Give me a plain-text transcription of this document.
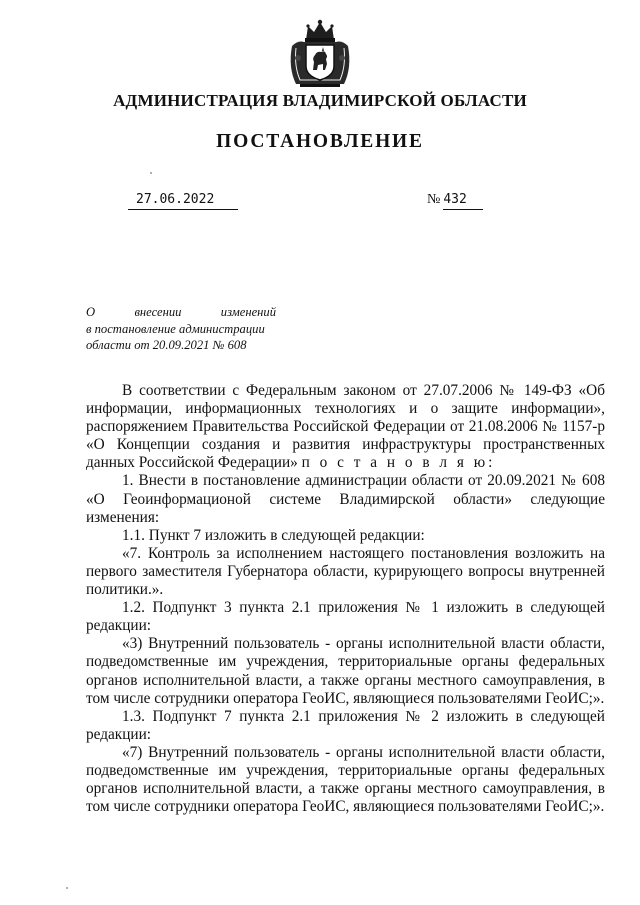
АДМИНИСТРАЦИЯ ВЛАДИМИРСКОЙ ОБЛАСТИ
ПОСТАНОВЛЕНИЕ
27.06.2022	№ 432
О	внесении	изменений
в постановление администрации
области от 20.09.2021 № 608

В соответствии с Федеральным законом от 27.07.2006 № 149-ФЗ «Об информации, информационных технологиях и о защите информации», распоряжением Правительства Российской Федерации от 21.08.2006 № 1157-р «О Концепции создания и развития инфраструктуры пространственных данных Российской Федерации» п о с т а н о в л я ю:

1. Внести в постановление администрации области от 20.09.2021 № 608 «О Геоинформационой системе Владимирской области» следующие изменения:

1.1. Пункт 7 изложить в следующей редакции:

«7. Контроль за исполнением настоящего постановления возложить на первого заместителя Губернатора области, курирующего вопросы внутренней политики.».

1.2. Подпункт 3 пункта 2.1 приложения № 1 изложить в следующей редакции:

«3) Внутренний пользователь - органы исполнительной власти области, подведомственные им учреждения, территориальные органы федеральных органов исполнительной власти, а также органы местного самоуправления, в том числе сотрудники оператора ГеоИС, являющиеся пользователями ГеоИС;».

1.3. Подпункт 7 пункта 2.1 приложения № 2 изложить в следующей редакции:

«7) Внутренний пользователь - органы исполнительной власти области, подведомственные им учреждения, территориальные органы федеральных органов исполнительной власти, а также органы местного самоуправления, в том числе сотрудники оператора ГеоИС, являющиеся пользователями ГеоИС;».
